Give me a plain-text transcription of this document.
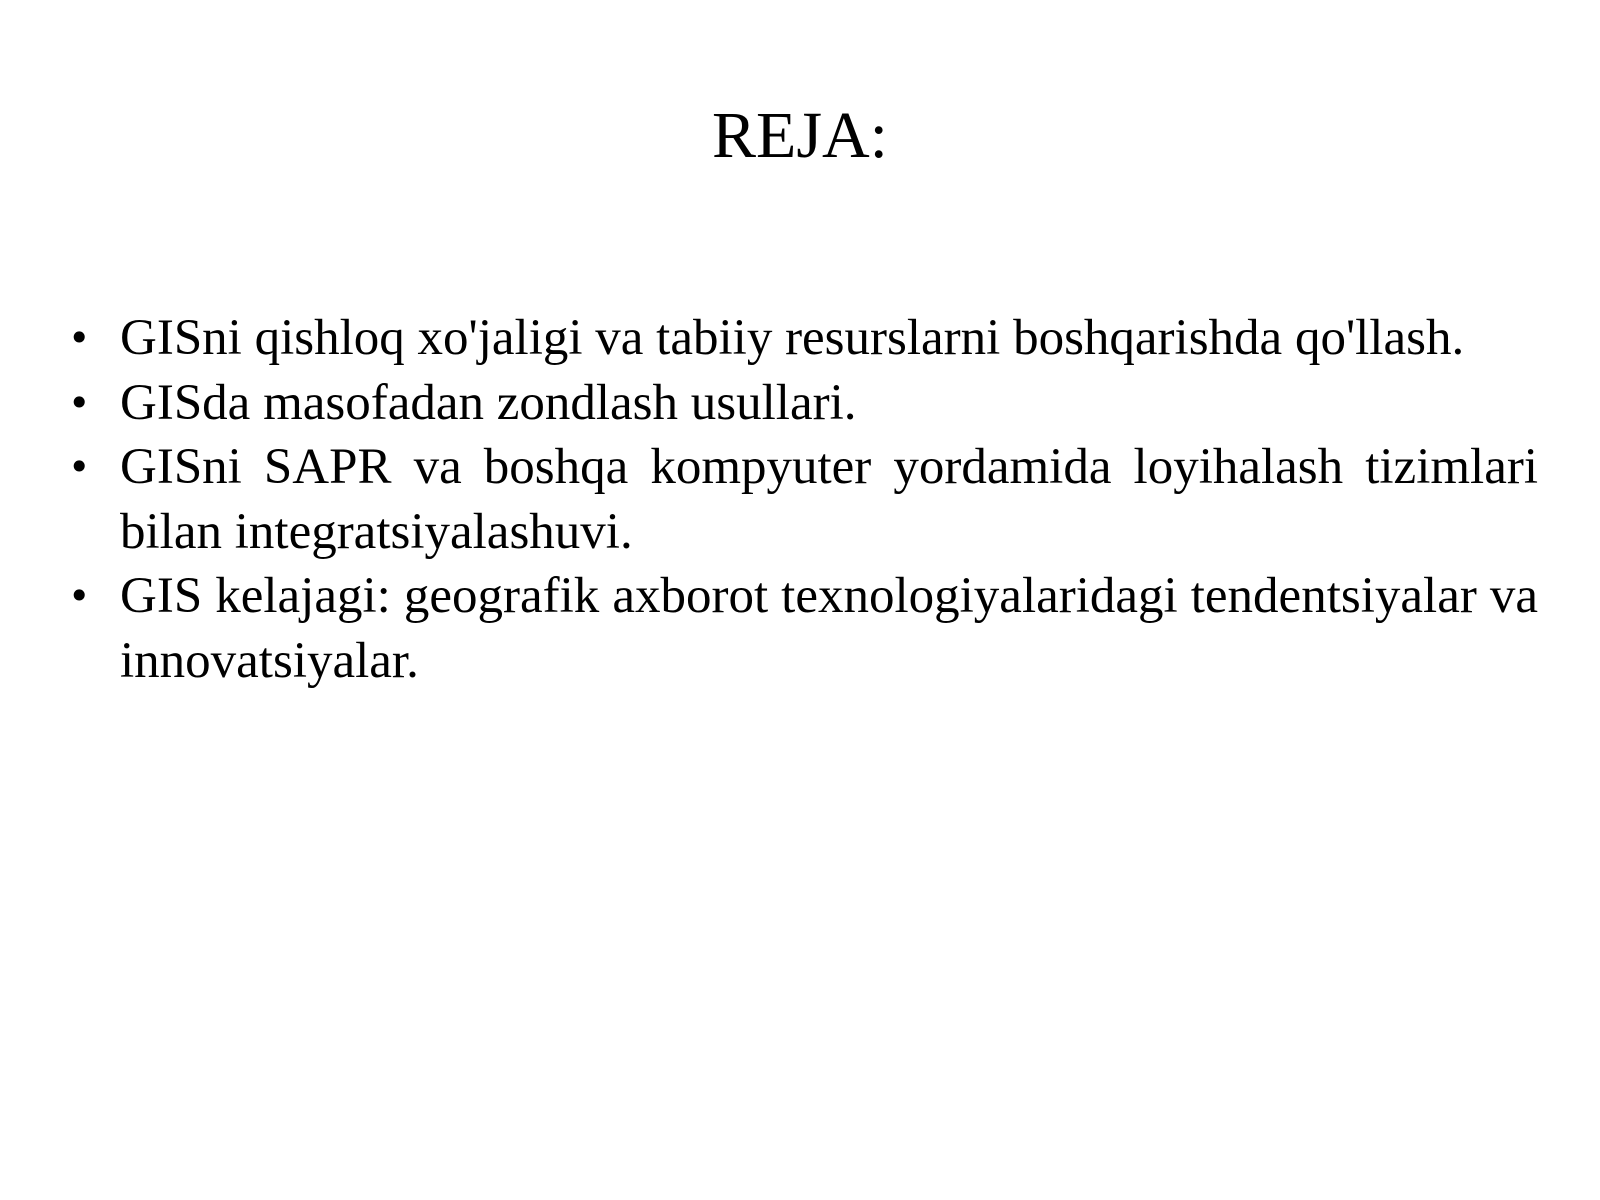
REJA:
• GISni qishloq xo'jaligi va tabiiy resurslarni boshqarishda qo'llash.
• GISda masofadan zondlash usullari.
• GISni SAPR va boshqa kompyuter yordamida loyihalash tizimlari bilan integratsiyalashuvi.
• GIS kelajagi: geografik axborot texnologiyalaridagi tendentsiyalar va innovatsiyalar.
